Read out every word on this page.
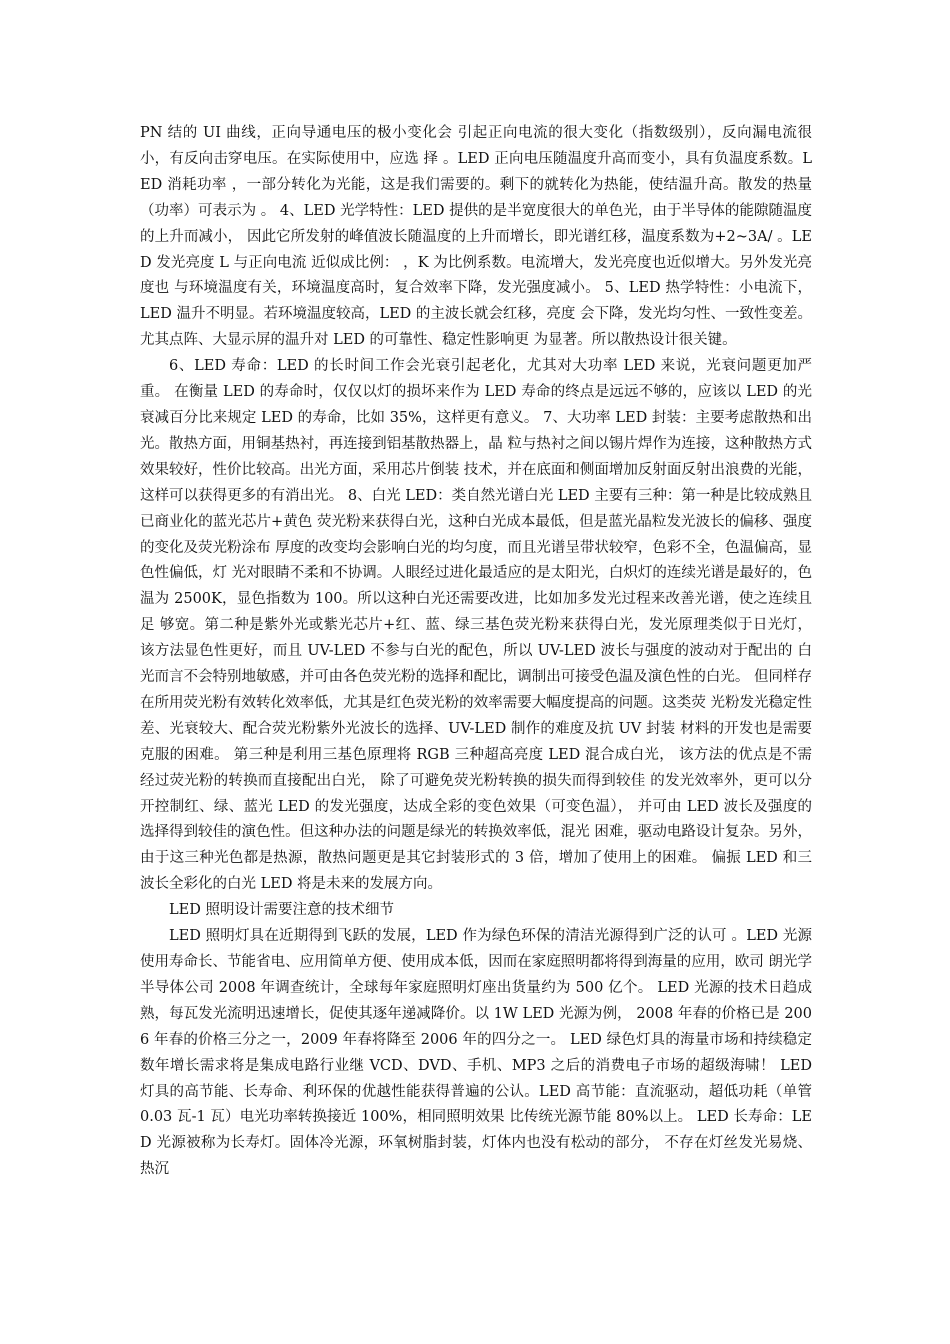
PN 结的 UI 曲线，正向导通电压的极小变化会 引起正向电流的很大变化（指数级别），反向漏电流很小，有反向击穿电压。在实际使用中，应选 择 。LED 正向电压随温度升高而变小，具有负温度系数。LED 消耗功率 ，一部分转化为光能，这是我们需要的。剩下的就转化为热能，使结温升高。散发的热量（功率）可表示为 。 4、LED 光学特性：LED 提供的是半宽度很大的单色光，由于半导体的能隙随温度的上升而减小， 因此它所发射的峰值波长随温度的上升而增长，即光谱红移，温度系数为+2~3A/ 。LED 发光亮度 L 与正向电流 近似成比例： ，K 为比例系数。电流增大，发光亮度也近似增大。另外发光亮度也 与环境温度有关，环境温度高时，复合效率下降，发光强度减小。 5、LED 热学特性：小电流下，LED 温升不明显。若环境温度较高，LED 的主波长就会红移，亮度 会下降，发光均匀性、一致性变差。尤其点阵、大显示屏的温升对 LED 的可靠性、稳定性影响更 为显著。所以散热设计很关键。

6、LED 寿命：LED 的长时间工作会光衰引起老化，尤其对大功率 LED 来说，光衰问题更加严重。 在衡量 LED 的寿命时，仅仅以灯的损坏来作为 LED 寿命的终点是远远不够的，应该以 LED 的光 衰减百分比来规定 LED 的寿命，比如 35%，这样更有意义。 7、大功率 LED 封装：主要考虑散热和出光。散热方面，用铜基热衬，再连接到铝基散热器上，晶 粒与热衬之间以锡片焊作为连接，这种散热方式效果较好，性价比较高。出光方面，采用芯片倒装 技术，并在底面和侧面增加反射面反射出浪费的光能，这样可以获得更多的有消出光。 8、白光 LED：类自然光谱白光 LED 主要有三种：第一种是比较成熟且已商业化的蓝光芯片+黄色 荧光粉来获得白光，这种白光成本最低，但是蓝光晶粒发光波长的偏移、强度的变化及荧光粉涂布 厚度的改变均会影响白光的均匀度，而且光谱呈带状较窄，色彩不全，色温偏高，显色性偏低，灯 光对眼睛不柔和不协调。人眼经过进化最适应的是太阳光，白炽灯的连续光谱是最好的，色温为 2500K，显色指数为 100。所以这种白光还需要改进，比如加多发光过程来改善光谱，使之连续且足 够宽。第二种是紫外光或紫光芯片+红、蓝、绿三基色荧光粉来获得白光，发光原理类似于日光灯， 该方法显色性更好，而且 UV-LED 不参与白光的配色，所以 UV-LED 波长与强度的波动对于配出的 白光而言不会特别地敏感，并可由各色荧光粉的选择和配比，调制出可接受色温及演色性的白光。 但同样存在所用荧光粉有效转化效率低，尤其是红色荧光粉的效率需要大幅度提高的问题。这类荧 光粉发光稳定性差、光衰较大、配合荧光粉紫外光波长的选择、UV-LED 制作的难度及抗 UV 封装 材料的开发也是需要克服的困难。 第三种是利用三基色原理将 RGB 三种超高亮度 LED 混合成白光， 该方法的优点是不需经过荧光粉的转换而直接配出白光， 除了可避免荧光粉转换的损失而得到较佳 的发光效率外，更可以分开控制红、绿、蓝光 LED 的发光强度，达成全彩的变色效果（可变色温）， 并可由 LED 波长及强度的选择得到较佳的演色性。但这种办法的问题是绿光的转换效率低，混光 困难，驱动电路设计复杂。另外，由于这三种光色都是热源，散热问题更是其它封装形式的 3 倍，增加了使用上的困难。 偏振 LED 和三波长全彩化的白光 LED 将是未来的发展方向。

LED 照明设计需要注意的技术细节

LED 照明灯具在近期得到飞跃的发展，LED 作为绿色环保的清洁光源得到广泛的认可 。LED 光源 使用寿命长、节能省电、应用简单方便、使用成本低，因而在家庭照明都将得到海量的应用，欧司 朗光学半导体公司 2008 年调查统计，全球每年家庭照明灯座出货量约为 500 亿个。 LED 光源的技术日趋成熟，每瓦发光流明迅速增长，促使其逐年递减降价。以 1W LED 光源为例， 2008 年春的价格已是 2006 年春的价格三分之一，2009 年春将降至 2006 年的四分之一。 LED 绿色灯具的海量市场和持续稳定数年增长需求将是集成电路行业继 VCD、DVD、手机、MP3 之后的消费电子市场的超级海啸！ LED 灯具的高节能、长寿命、利环保的优越性能获得普遍的公认。LED 高节能：直流驱动，超低功耗（单管 0.03 瓦-1 瓦）电光功率转换接近 100%，相同照明效果 比传统光源节能 80%以上。 LED 长寿命：LED 光源被称为长寿灯。固体冷光源，环氧树脂封装，灯体内也没有松动的部分， 不存在灯丝发光易烧、热沉
